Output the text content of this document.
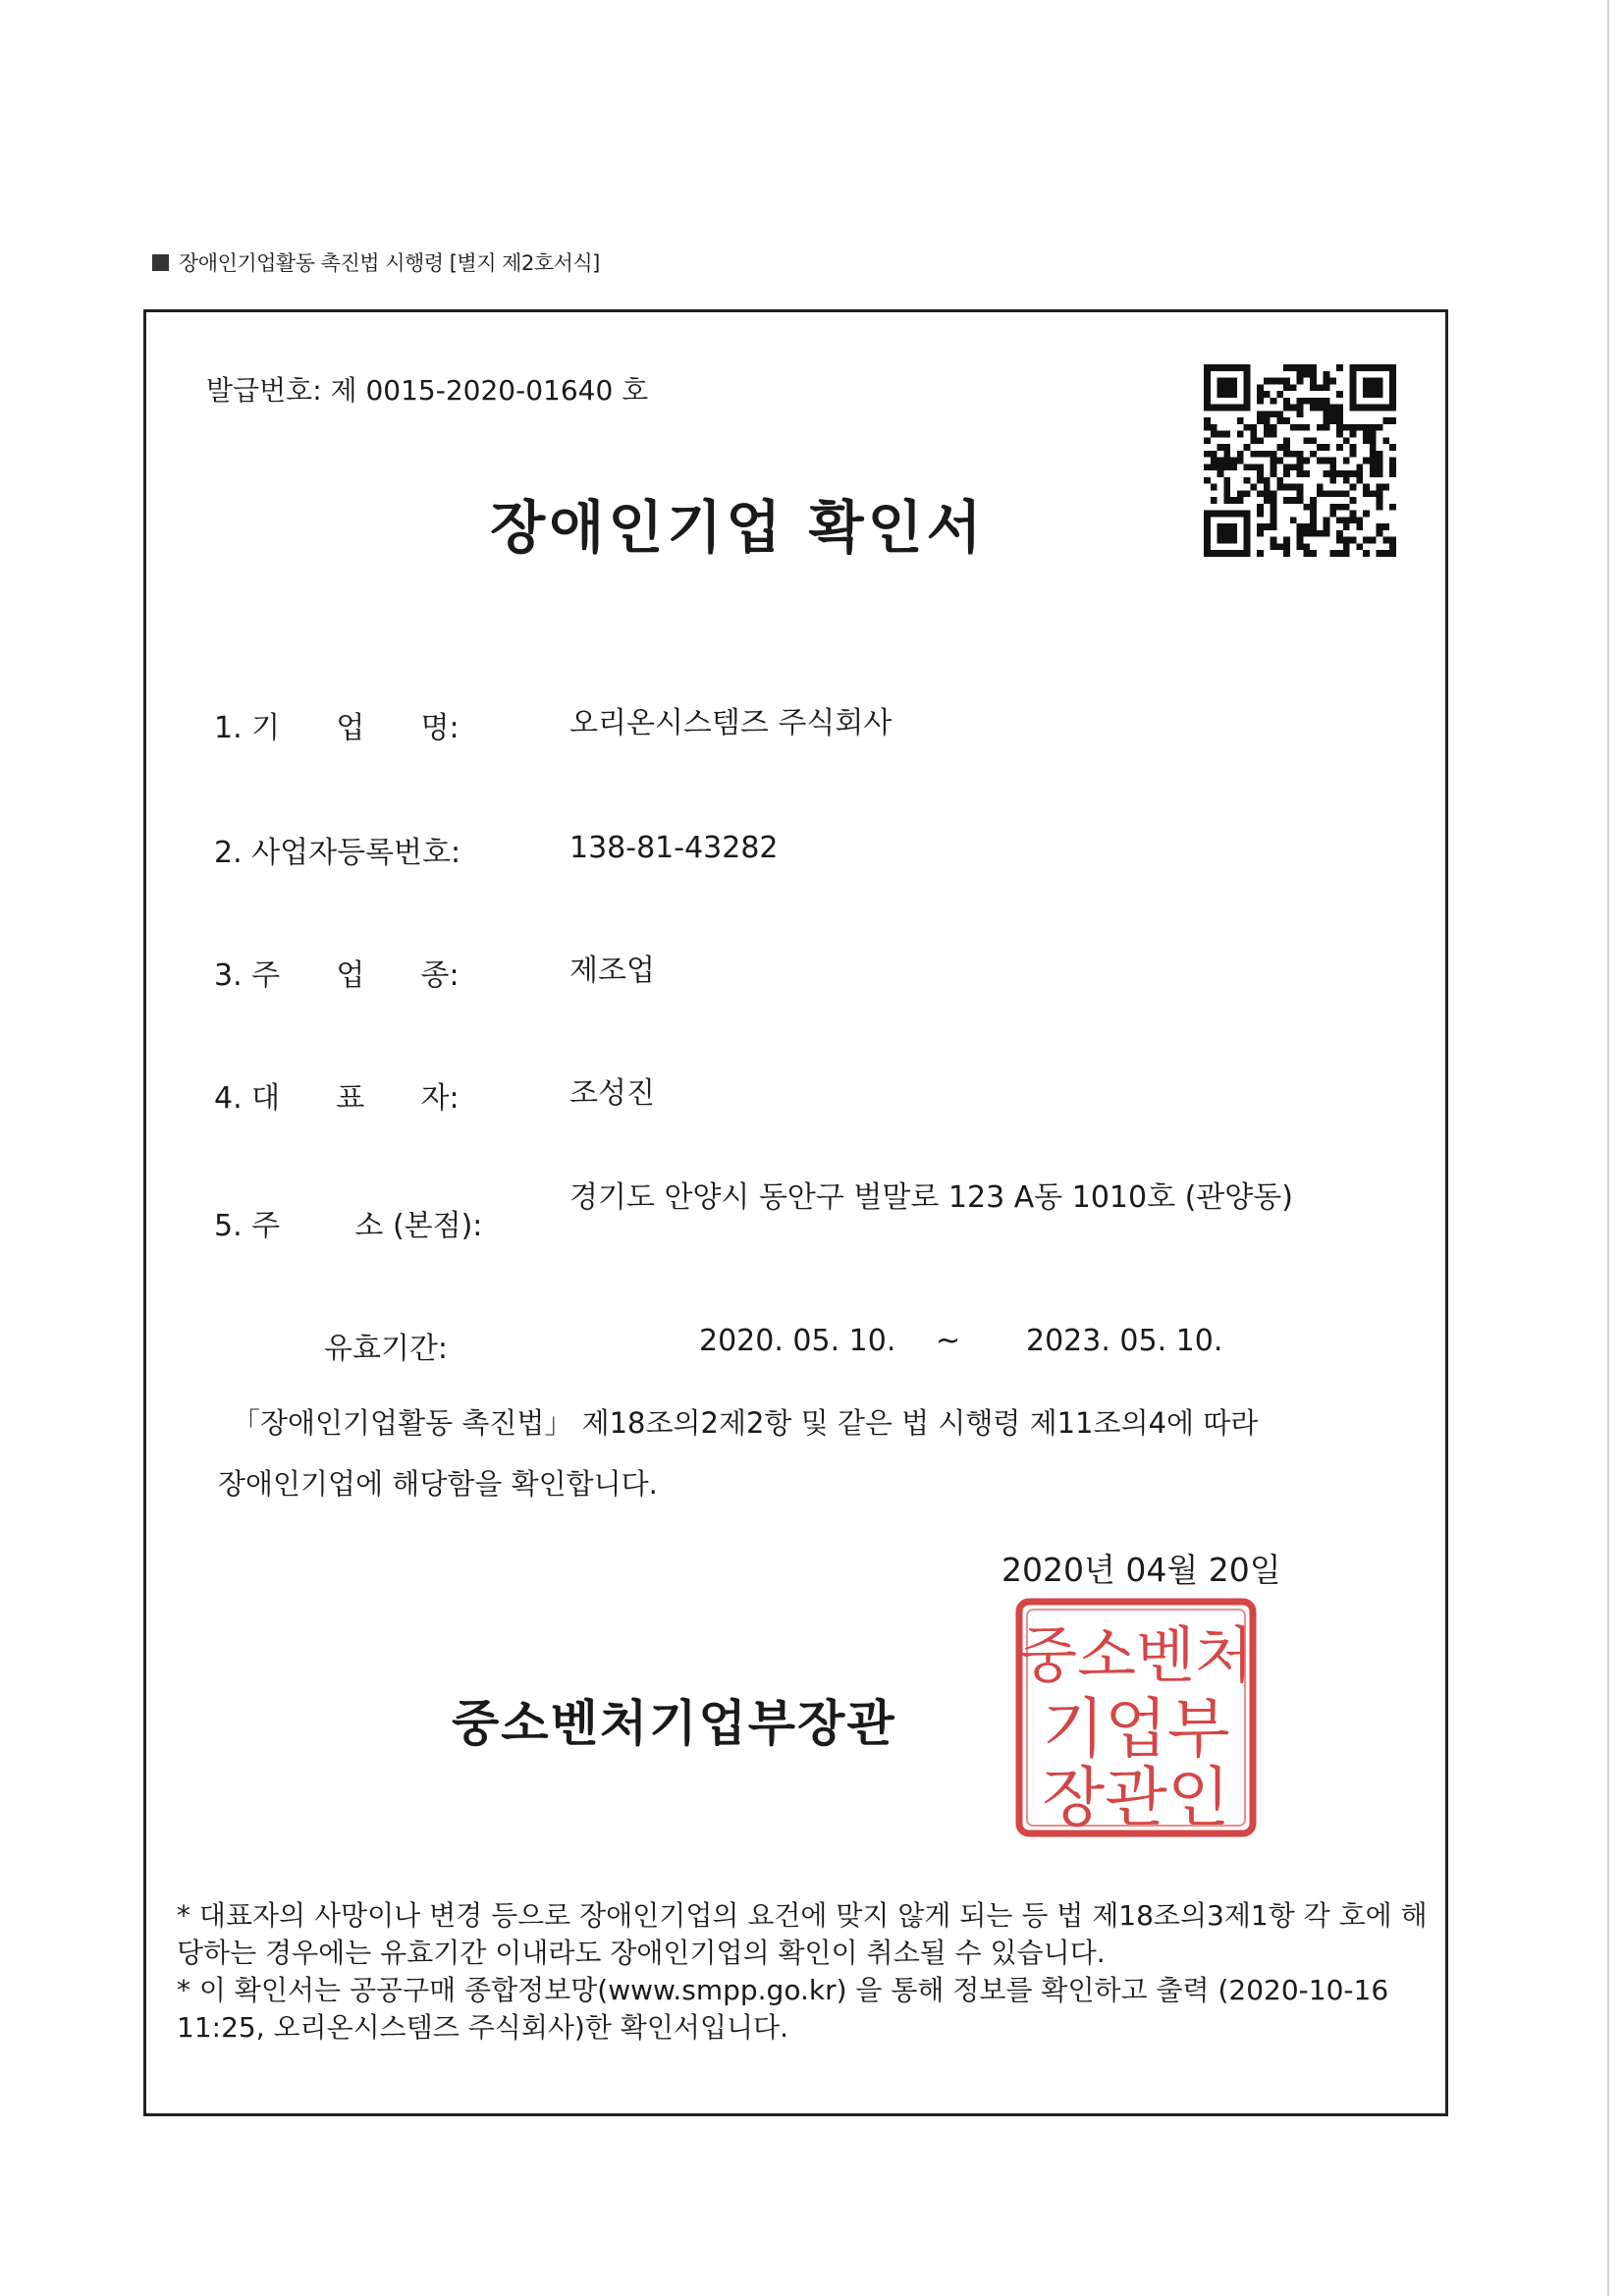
장애인기업활동 촉진법 시행령 [별지 제2호서식]
발급번호: 제 0015-2020-01640 호
장애인기업 확인서
1. 기      업      명:	오리온시스템즈 주식회사
2. 사업자등록번호:	138-81-43282
3. 주      업      종:	제조업
4. 대      표      자:	조성진
5. 주        소 (본점):
경기도 안양시 동안구 벌말로 123 A동 1010호 (관양동)
유효기간:	2020. 05. 10. ~ 2023. 05. 10.
「장애인기업활동 촉진법」 제18조의2제2항 및 같은 법 시행령 제11조의4에 따라
장애인기업에 해당함을 확인합니다.
2020년 04월 20일
중소벤처기업부장관
중소벤처
기업부
장관인

* 대표자의 사망이나 변경 등으로 장애인기업의 요건에 맞지 않게 되는 등 법 제18조의3제1항 각 호에 해당하는 경우에는 유효기간 이내라도 장애인기업의 확인이 취소될 수 있습니다.

* 이 확인서는 공공구매 종합정보망(www.smpp.go.kr) 을 통해 정보를 확인하고 출력 (2020-10-16 11:25, 오리온시스템즈 주식회사)한 확인서입니다.
